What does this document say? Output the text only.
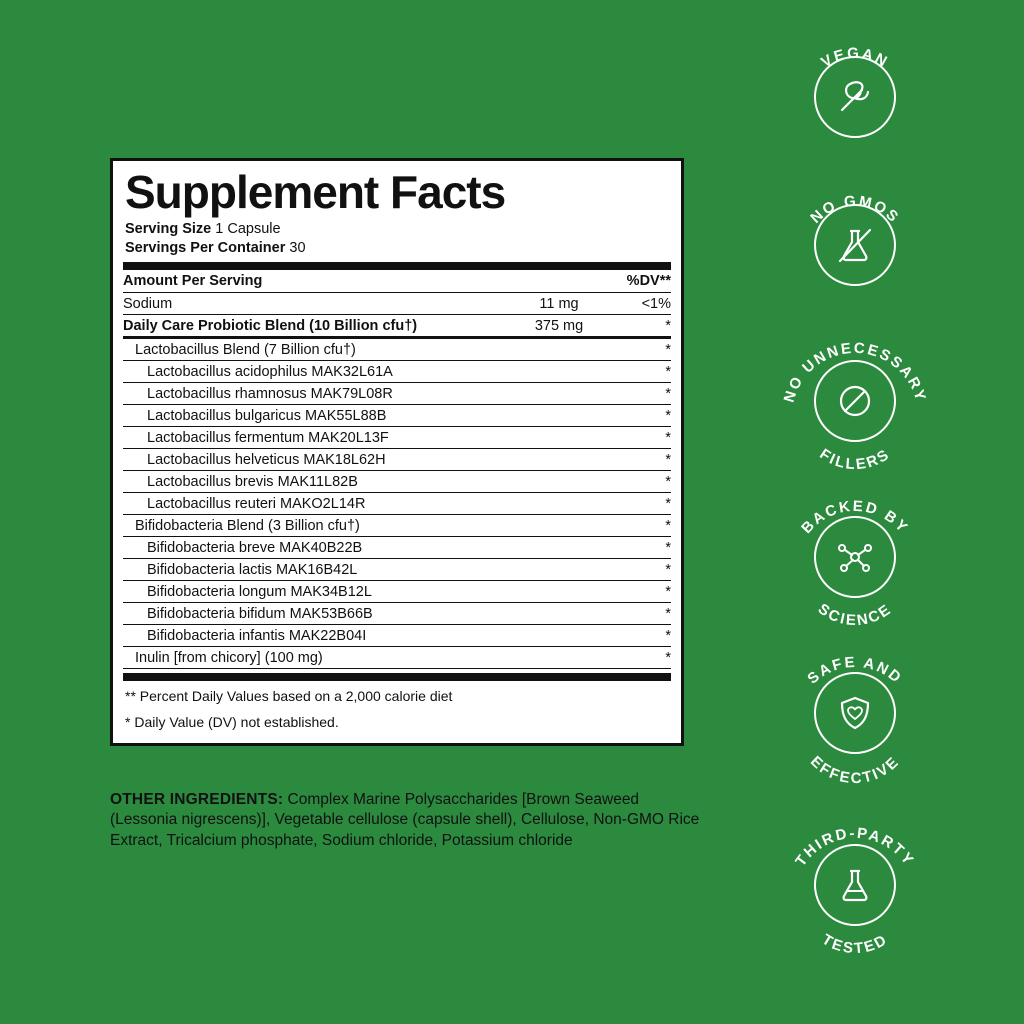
Supplement Facts
Serving Size 1 Capsule
Servings Per Container 30
Amount Per Serving		%DV**
Sodium	11 mg	<1%
Daily Care Probiotic Blend (10 Billion cfu†)	375 mg	*
Lactobacillus Blend (7 Billion cfu†)		*
Lactobacillus acidophilus MAK32L61A		*
Lactobacillus rhamnosus MAK79L08R		*
Lactobacillus bulgaricus MAK55L88B		*
Lactobacillus fermentum MAK20L13F		*
Lactobacillus helveticus MAK18L62H		*
Lactobacillus brevis MAK11L82B		*
Lactobacillus reuteri MAKO2L14R		*
Bifidobacteria Blend (3 Billion cfu†)		*
Bifidobacteria breve MAK40B22B		*
Bifidobacteria lactis MAK16B42L		*
Bifidobacteria longum MAK34B12L		*
Bifidobacteria bifidum MAK53B66B		*
Bifidobacteria infantis MAK22B04I		*
Inulin [from chicory] (100 mg)		*
** Percent Daily Values based on a 2,000 calorie diet
* Daily Value (DV) not established.
OTHER INGREDIENTS: Complex Marine Polysaccharides [Brown Seaweed (Lessonia nigrescens)], Vegetable cellulose (capsule shell), Cellulose, Non-GMO Rice Extract, Tricalcium phosphate, Sodium chloride, Potassium chloride
VEGAN
NO GMOS
NO UNNECESSARY
FILLERS
BACKED BY
SCIENCE
SAFE AND
EFFECTIVE
THIRD-PARTY
TESTED
